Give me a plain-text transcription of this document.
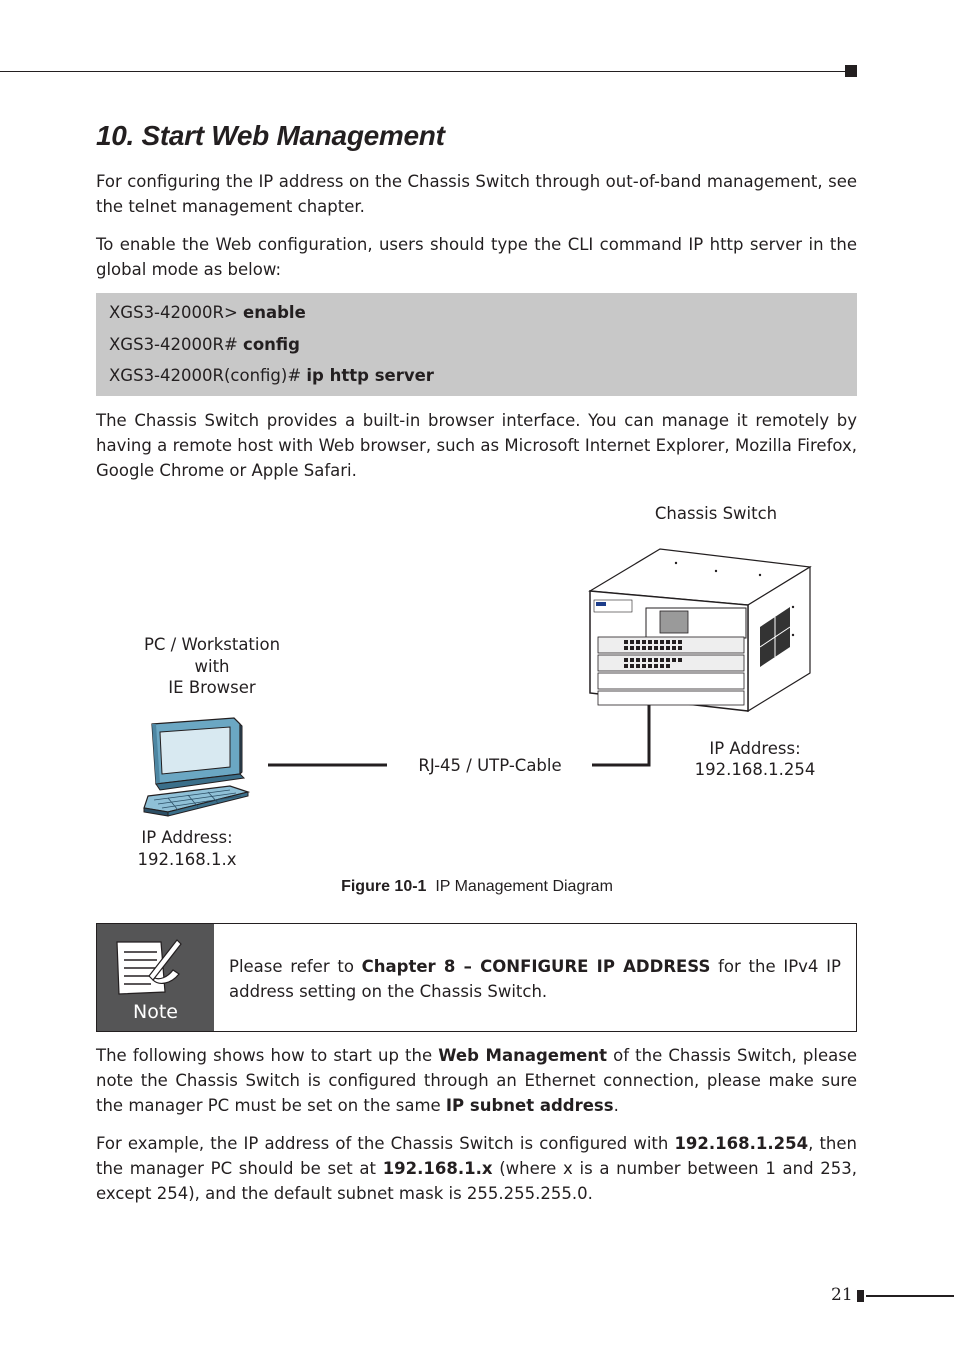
10. Start Web Management

For configuring the IP address on the Chassis Switch through out-of-band management, see the telnet management chapter.

To enable the Web configuration, users should type the CLI command IP http server in the global mode as below:

XGS3-42000R> enable
XGS3-42000R# config
XGS3-42000R(config)# ip http server

The Chassis Switch provides a built-in browser interface. You can manage it remotely by having a remote host with Web browser, such as Microsoft Internet Explorer, Mozilla Firefox, Google Chrome or Apple Safari.

Chassis Switch
PC / Workstation
with
IE Browser
RJ-45 / UTP-Cable
IP Address:
192.168.1.254
IP Address:
192.168.1.x
Figure 10-1 IP Management Diagram
Note

Please refer to Chapter 8 – CONFIGURE IP ADDRESS for the IPv4 IP address setting on the Chassis Switch.

The following shows how to start up the Web Management of the Chassis Switch, please note the Chassis Switch is configured through an Ethernet connection, please make sure the manager PC must be set on the same IP subnet address.

For example, the IP address of the Chassis Switch is configured with 192.168.1.254, then the manager PC should be set at 192.168.1.x (where x is a number between 1 and 253, except 254), and the default subnet mask is 255.255.255.0.

21
